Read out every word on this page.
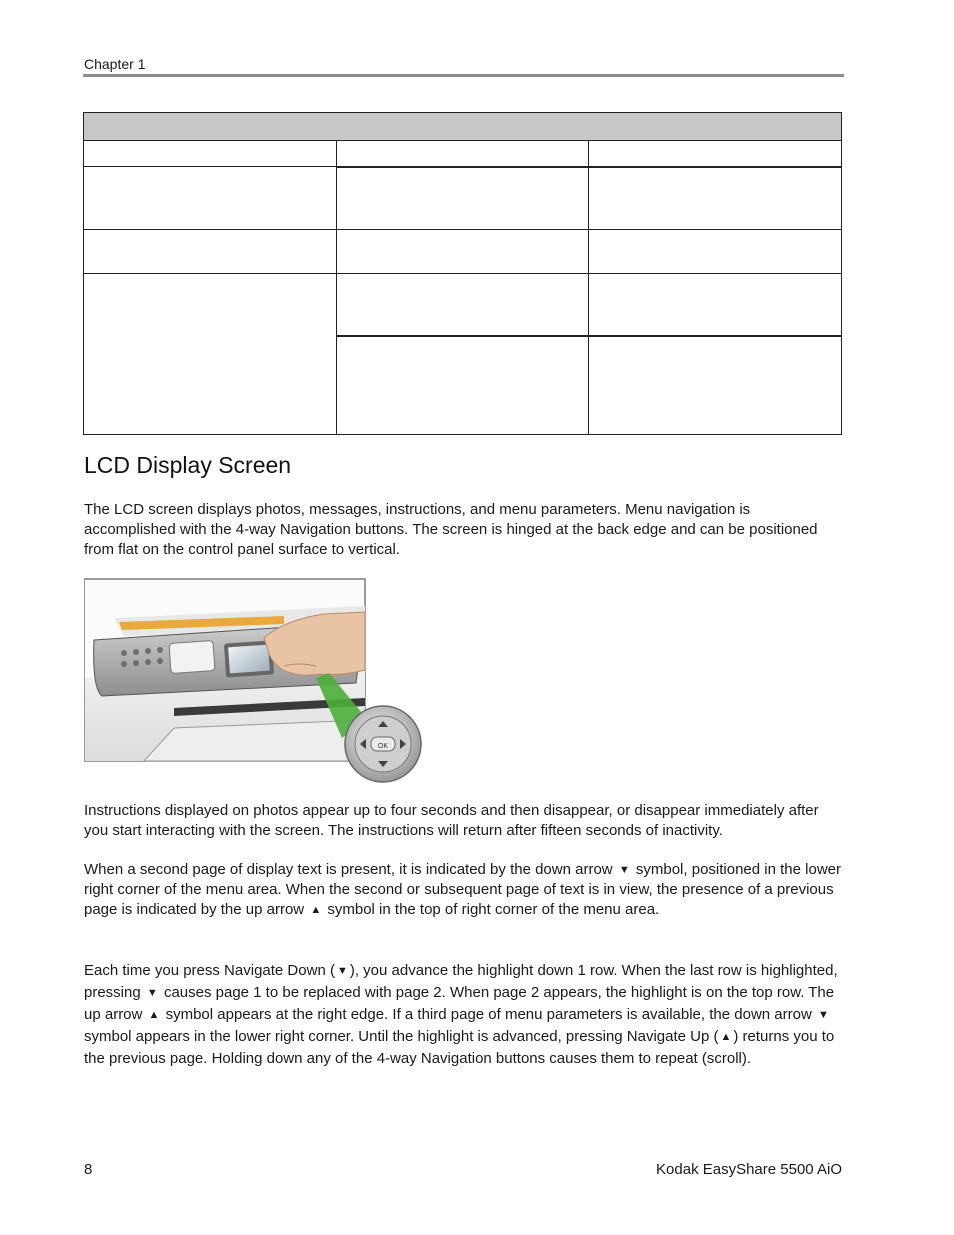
Chapter 1
LCD Display Screen

The LCD screen displays photos, messages, instructions, and menu parameters. Menu navigation is accomplished with the 4-way Navigation buttons. The screen is hinged at the back edge and can be positioned from flat on the control panel surface to vertical.

OK

Instructions displayed on photos appear up to four seconds and then disappear, or disappear immediately after you start interacting with the screen. The instructions will return after fifteen seconds of inactivity.

When a second page of display text is present, it is indicated by the down arrow ▼ symbol, positioned in the lower right corner of the menu area. When the second or subsequent page of text is in view, the presence of a previous page is indicated by the up arrow ▲ symbol in the top of right corner of the menu area.

Each time you press Navigate Down ( ▼ ), you advance the highlight down 1 row. When the last row is highlighted, pressing ▼ causes page 1 to be replaced with page 2. When page 2 appears, the highlight is on the top row. The up arrow ▲ symbol appears at the right edge. If a third page of menu parameters is available, the down arrow ▼ symbol appears in the lower right corner. Until the highlight is advanced, pressing Navigate Up ( ▲ ) returns you to the previous page. Holding down any of the 4-way Navigation buttons causes them to repeat (scroll).

8	Kodak EasyShare 5500 AiO
